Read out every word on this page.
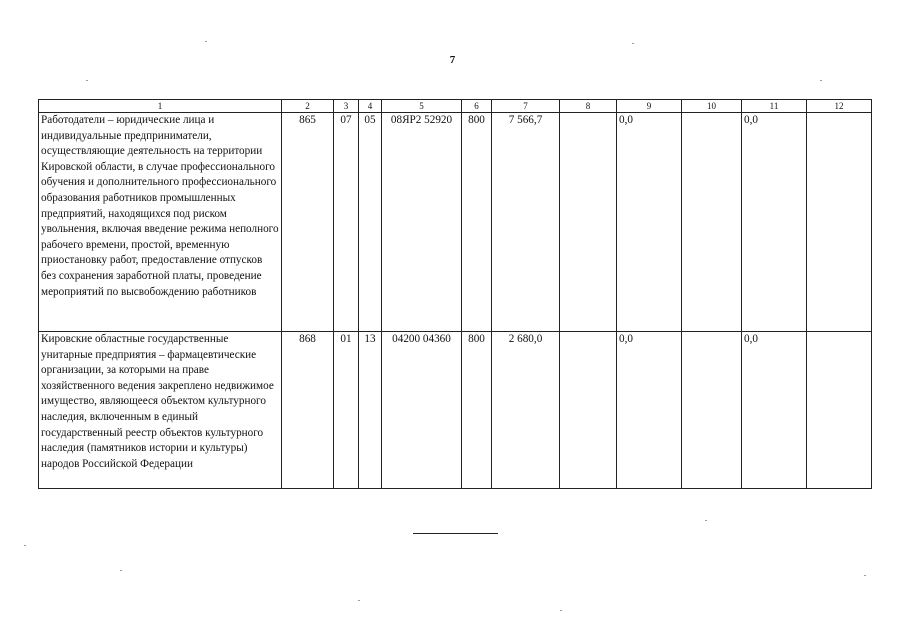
7
1	2	3	4	5	6	7	8	9	10	11	12
Работодатели – юридические лица и индивидуальные предприниматели, осуществляющие деятельность на территории Кировской области, в случае профессионального обучения и дополнительного профессионального образования работников промышленных предприятий, находящихся под риском увольнения, включая введение режима неполного рабочего времени, простой, временную приостановку работ, предоставление отпусков без сохранения заработной платы, проведение мероприятий по высвобождению работников	865	07	05	08ЯР2 52920	800	7 566,7		0,0		0,0	
Кировские областные государственные унитарные предприятия – фармацевтические организации, за которыми на праве хозяйственного ведения закреплено недвижимое имущество, являющееся объектом культурного наследия, включенным в единый государственный реестр объектов культурного наследия (памятников истории и культуры) народов Российской Федерации	868	01	13	04200 04360	800	2 680,0		0,0		0,0	
